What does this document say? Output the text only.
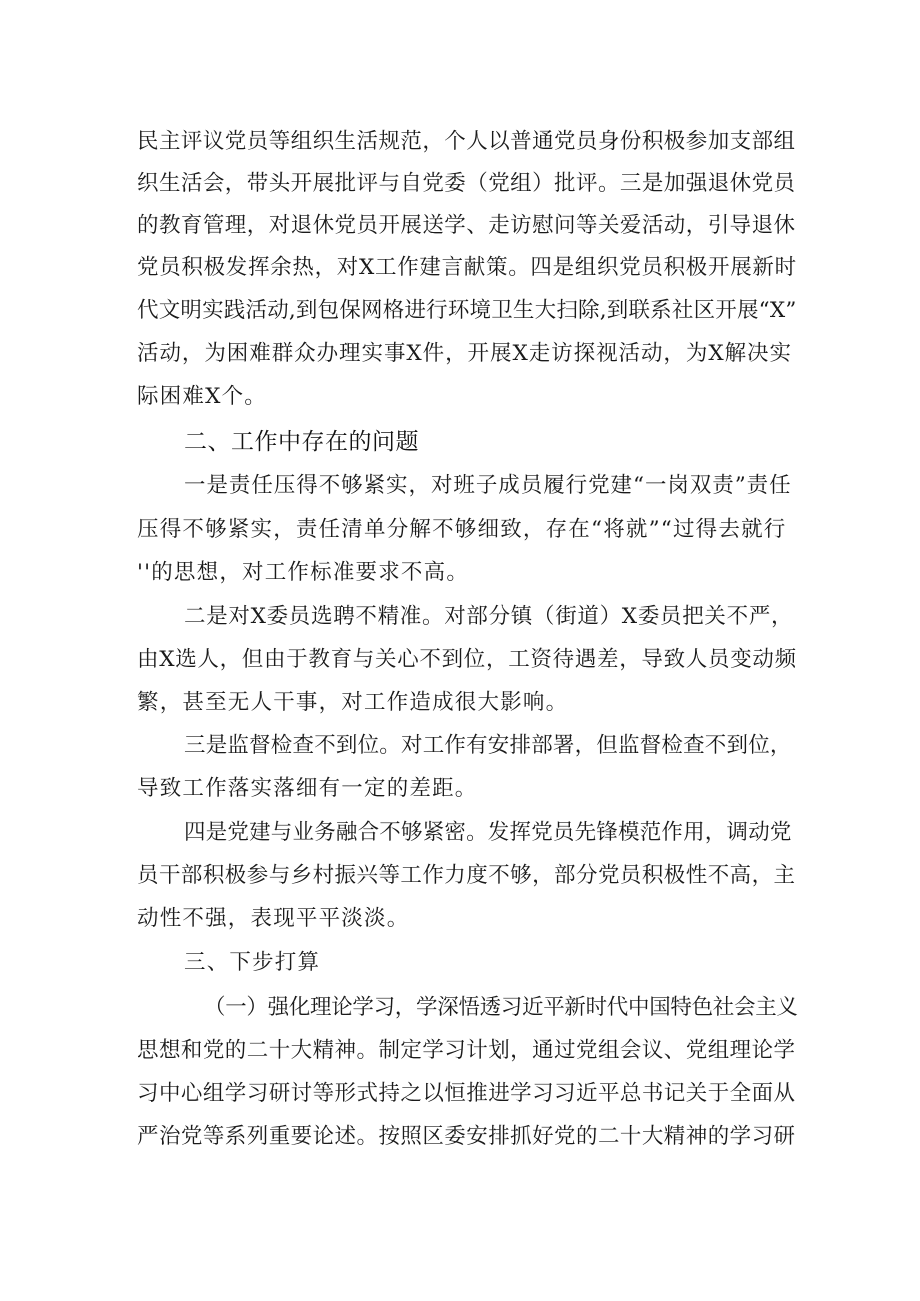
民主评议党员等组织生活规范，个人以普通党员身份积极参加支部组
织生活会，带头开展批评与自党委（党组）批评。三是加强退休党员
的教育管理，对退休党员开展送学、走访慰问等关爱活动，引导退休
党员积极发挥余热，对X工作建言献策。四是组织党员积极开展新时
代文明实践活动,到包保网格进行环境卫生大扫除,到联系社区开展“X”
活动，为困难群众办理实事X件，开展X走访探视活动，为X解决实
际困难X个。
二、工作中存在的问题
一是责任压得不够紧实，对班子成员履行党建“一岗双责”责任
压得不够紧实，责任清单分解不够细致，存在“将就”“过得去就行
''的思想，对工作标准要求不高。
二是对X委员选聘不精准。对部分镇（街道）X委员把关不严，
由X选人，但由于教育与关心不到位，工资待遇差，导致人员变动频
繁，甚至无人干事，对工作造成很大影响。
三是监督检查不到位。对工作有安排部署，但监督检查不到位，
导致工作落实落细有一定的差距。
四是党建与业务融合不够紧密。发挥党员先锋模范作用，调动党
员干部积极参与乡村振兴等工作力度不够，部分党员积极性不高，主
动性不强，表现平平淡淡。
三、下步打算
（一）强化理论学习，学深悟透习近平新时代中国特色社会主义
思想和党的二十大精神。制定学习计划，通过党组会议、党组理论学
习中心组学习研讨等形式持之以恒推进学习习近平总书记关于全面从
严治党等系列重要论述。按照区委安排抓好党的二十大精神的学习研
